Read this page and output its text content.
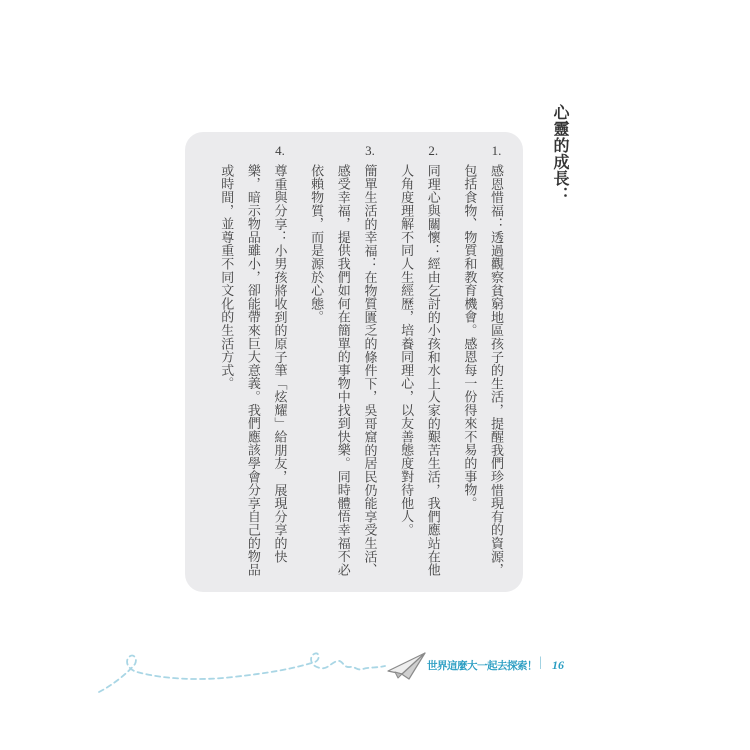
心靈的成長：
1.感恩惜福：透過觀察貧窮地區孩子的生活，提醒我們珍惜現有的資源，包括食物、物質和教育機會。感恩每一份得來不易的事物。
2.同理心與關懷：經由乞討的小孩和水上人家的艱苦生活，我們應站在他人角度理解不同人生經歷，培養同理心，以友善態度對待他人。
3.簡單生活的幸福：在物質匱乏的條件下，吳哥窟的居民仍能享受生活、感受幸福，提供我們如何在簡單的事物中找到快樂。同時體悟幸福不必依賴物質，而是源於心態。
4.尊重與分享：小男孩將收到的原子筆「炫耀」給朋友，展現分享的快樂，暗示物品雖小，卻能帶來巨大意義。我們應該學會分享自己的物品或時間，並尊重不同文化的生活方式。
世界這麼大一起去探索！ | 16
